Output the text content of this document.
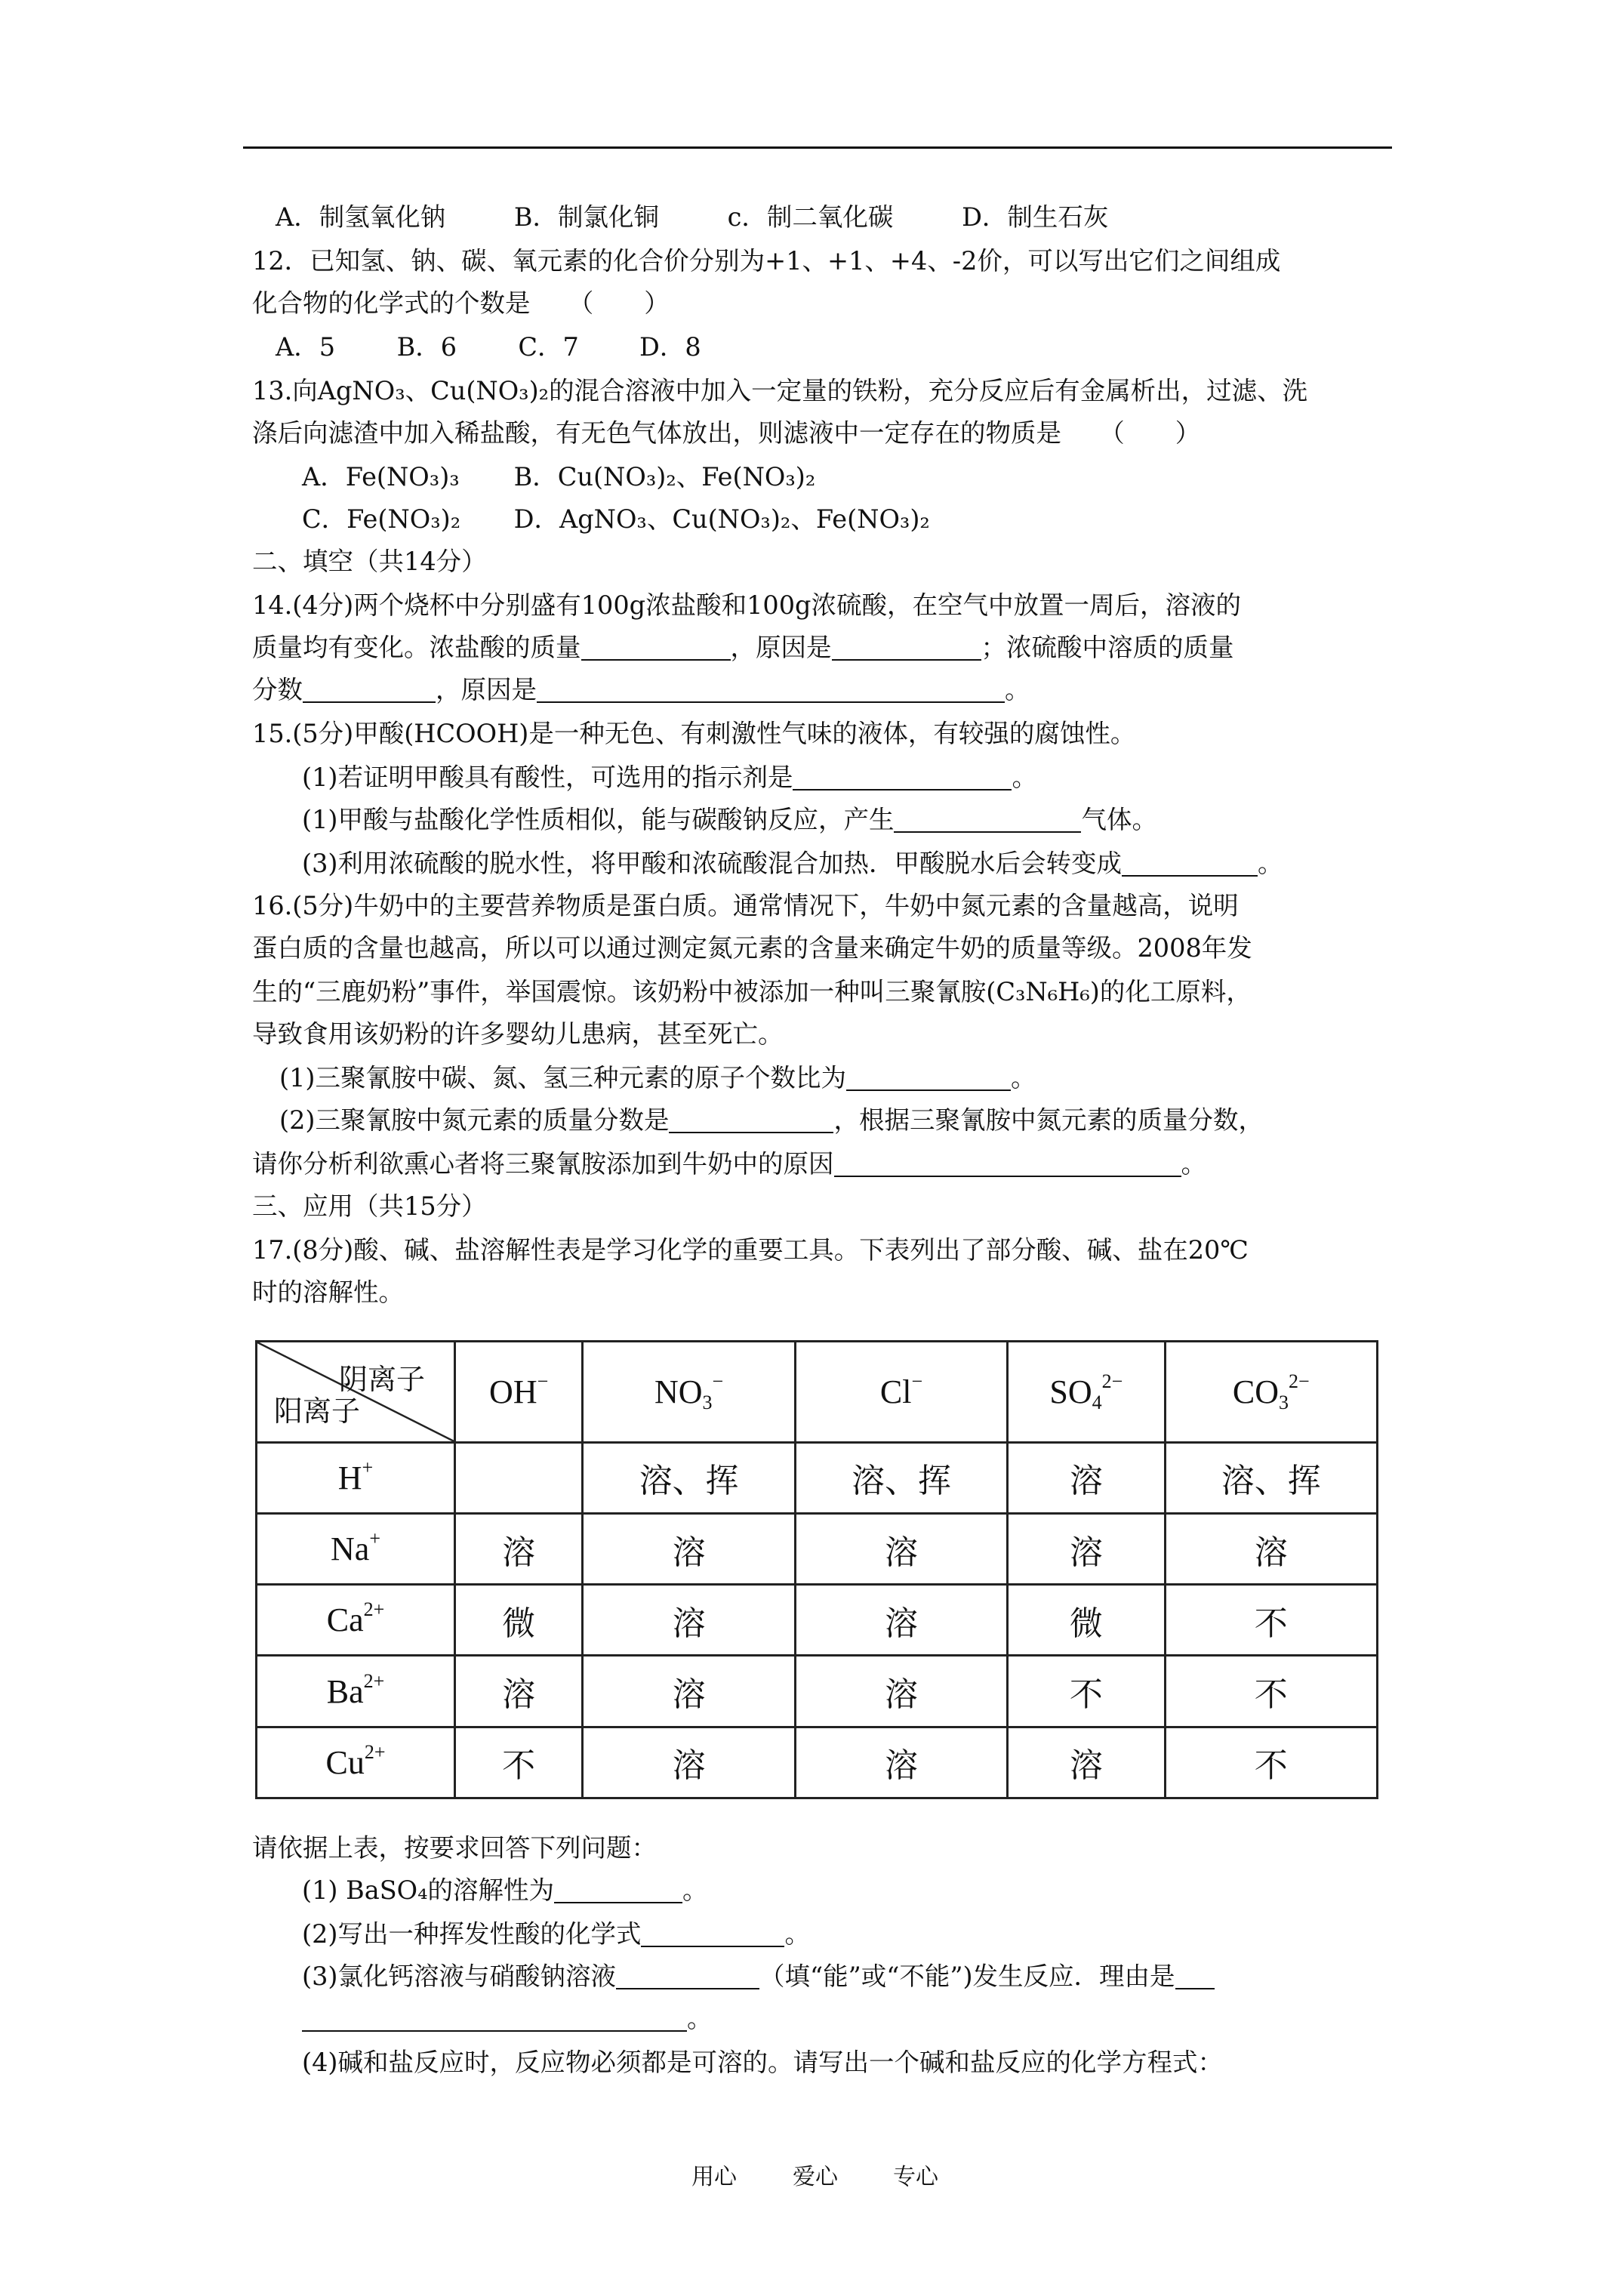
A．制氢氧化钠	B．制氯化铜	c．制二氧化碳	D．制生石灰
12．已知氢、钠、碳、氧元素的化合价分别为+1、+1、+4、-2价，可以写出它们之间组成
化合物的化学式的个数是　　（　　）
A．5 B．6 C．7 D．8
13.向AgNO₃、Cu(NO₃)₂的混合溶液中加入一定量的铁粉，充分反应后有金属析出，过滤、洗
涤后向滤渣中加入稀盐酸，有无色气体放出，则滤液中一定存在的物质是　　（　　）
A．Fe(NO₃)₃ B．Cu(NO₃)₂、Fe(NO₃)₂
C．Fe(NO₃)₂ D．AgNO₃、Cu(NO₃)₂、Fe(NO₃)₂
二、填空（共14分）
14.(4分)两个烧杯中分别盛有100g浓盐酸和100g浓硫酸，在空气中放置一周后，溶液的
质量均有变化。浓盐酸的质量	，原因是	；浓硫酸中溶质的质量
分数	，原因是	。
15.(5分)甲酸(HCOOH)是一种无色、有刺激性气味的液体，有较强的腐蚀性。
(1)若证明甲酸具有酸性，可选用的指示剂是	。
(1)甲酸与盐酸化学性质相似，能与碳酸钠反应，产生	气体。
(3)利用浓硫酸的脱水性，将甲酸和浓硫酸混合加热．甲酸脱水后会转变成	。
16.(5分)牛奶中的主要营养物质是蛋白质。通常情况下，牛奶中氮元素的含量越高，说明
蛋白质的含量也越高，所以可以通过测定氮元素的含量来确定牛奶的质量等级。2008年发
生的“三鹿奶粉”事件，举国震惊。该奶粉中被添加一种叫三聚氰胺(C₃N₆H₆)的化工原料，
导致食用该奶粉的许多婴幼儿患病，甚至死亡。
(1)三聚氰胺中碳、氮、氢三种元素的原子个数比为	。
(2)三聚氰胺中氮元素的质量分数是	，根据三聚氰胺中氮元素的质量分数，
请你分析利欲熏心者将三聚氰胺添加到牛奶中的原因	。
三、应用（共15分）
17.(8分)酸、碱、盐溶解性表是学习化学的重要工具。下表列出了部分酸、碱、盐在20℃
时的溶解性。
阴离子
阳离子	OH−	$NO_3^-$	Cl−	$SO_4^{2-}$	$CO_3^{2-}$
H+		溶、挥	溶、挥	溶	溶、挥
Na+	溶	溶	溶	溶	溶
$Ca^{2+}$	微	溶	溶	微	不
$Ba^{2+}$	溶	溶	溶	不	不
$Cu^{2+}$	不	溶	溶	溶	不
请依据上表，按要求回答下列问题：
(1) BaSO₄的溶解性为	。
(2)写出一种挥发性酸的化学式	。
(3)氯化钙溶液与硝酸钠溶液	（填“能”或“不能”)发生反应．理由是
。
(4)碱和盐反应时，反应物必须都是可溶的。请写出一个碱和盐反应的化学方程式：
用心 爱心 专心
